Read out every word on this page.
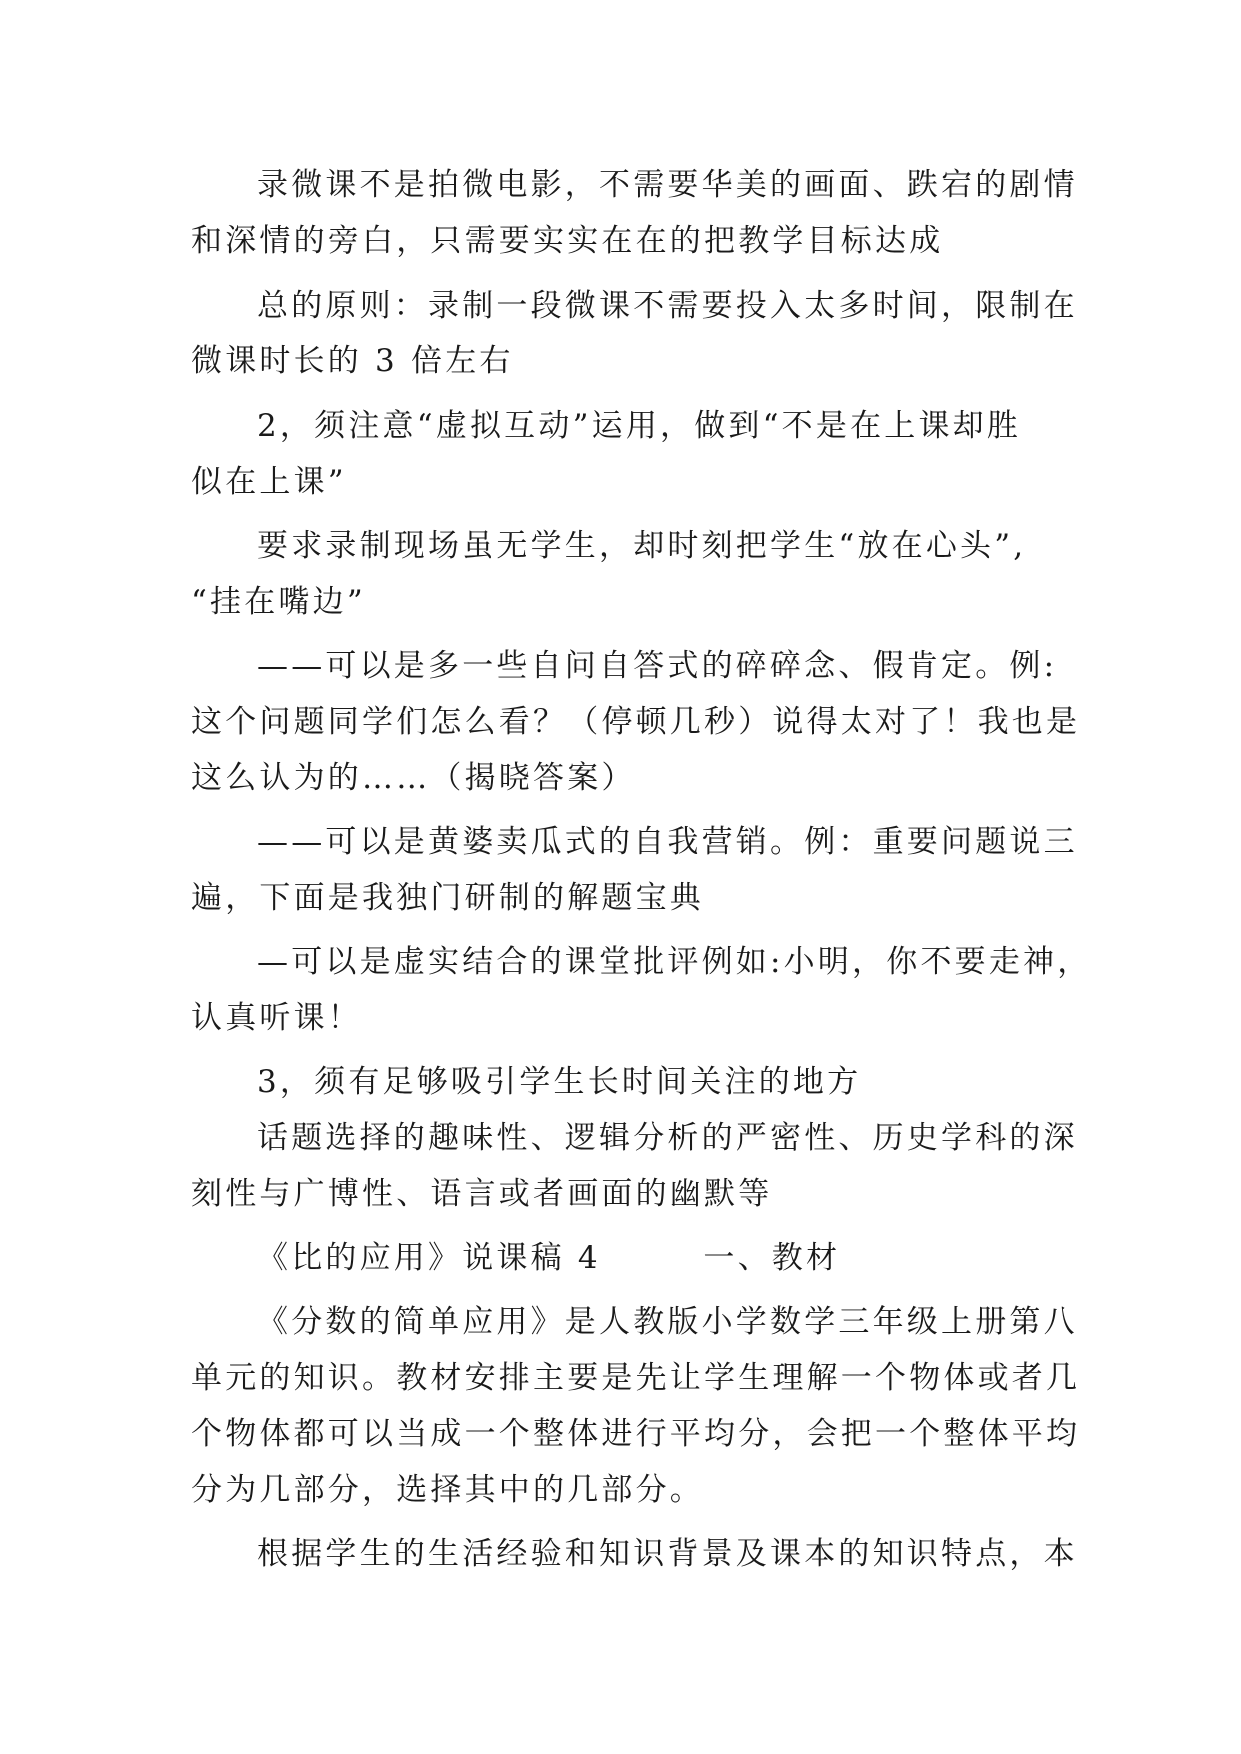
录微课不是拍微电影，不需要华美的画面、跌宕的剧情
和深情的旁白，只需要实实在在的把教学目标达成
总的原则：录制一段微课不需要投入太多时间，限制在
微课时长的 3 倍左右
2，须注意“虚拟互动”运用，做到“不是在上课却胜
似在上课”
要求录制现场虽无学生，却时刻把学生“放在心头”,
“挂在嘴边”
——可以是多一些自问自答式的碎碎念、假肯定。例:
这个问题同学们怎么看？（停顿几秒）说得太对了！我也是
这么认为的……（揭晓答案）
——可以是黄婆卖瓜式的自我营销。例：重要问题说三
遍，下面是我独门研制的解题宝典
—可以是虚实结合的课堂批评例如:小明，你不要走神，
认真听课！
3，须有足够吸引学生长时间关注的地方
话题选择的趣味性、逻辑分析的严密性、历史学科的深
刻性与广博性、语言或者画面的幽默等
《比的应用》说课稿 4　　　一、教材
《分数的简单应用》是人教版小学数学三年级上册第八
单元的知识。教材安排主要是先让学生理解一个物体或者几
个物体都可以当成一个整体进行平均分，会把一个整体平均
分为几部分，选择其中的几部分。
根据学生的生活经验和知识背景及课本的知识特点，本
